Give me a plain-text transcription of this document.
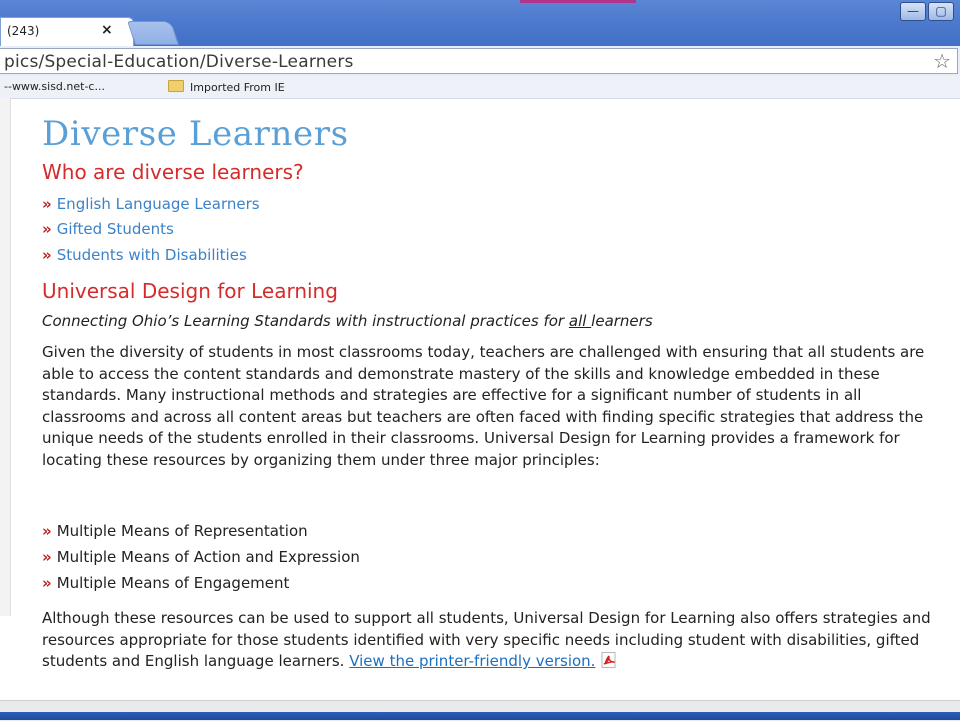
(243)	×
—	▢
pics/Special-Education/Diverse-Learners	☆
--www.sisd.net-c...	Imported From IE
Diverse Learners
Who are diverse learners?
» English Language Learners
» Gifted Students
» Students with Disabilities
Universal Design for Learning
Connecting Ohio’s Learning Standards with instructional practices for all learners
Given the diversity of students in most classrooms today, teachers are challenged with ensuring that all students are able to access the content standards and demonstrate mastery of the skills and knowledge embedded in these standards. Many instructional methods and strategies are effective for a significant number of students in all classrooms and across all content areas but teachers are often faced with finding specific strategies that address the unique needs of the students enrolled in their classrooms. Universal Design for Learning provides a framework for locating these resources by organizing them under three major principles:
» Multiple Means of Representation
» Multiple Means of Action and Expression
» Multiple Means of Engagement
Although these resources can be used to support all students, Universal Design for Learning also offers strategies and resources appropriate for those students identified with very specific needs including student with disabilities, gifted students and English language learners. View the printer-friendly version.
